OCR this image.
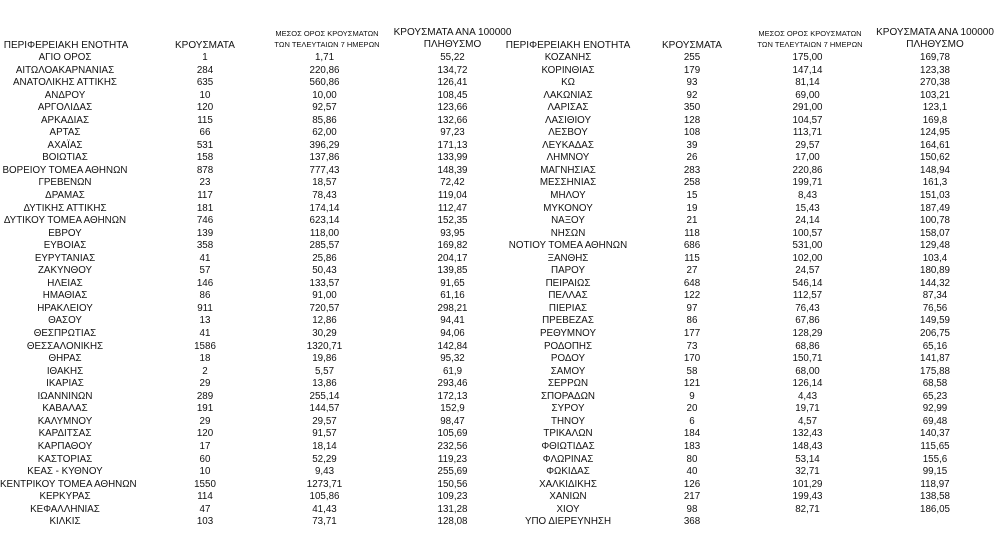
ΠΕΡΙΦΕΡΕΙΑΚΗ ΕΝΟΤΗΤΑ	ΚΡΟΥΣΜΑΤΑ
ΜΕΣΟΣ ΟΡΟΣ ΚΡΟΥΣΜΑΤΩΝ
ΤΩΝ ΤΕΛΕΥΤΑΙΩΝ 7 ΗΜΕΡΩΝ
ΚΡΟΥΣΜΑΤΑ ΑΝΑ 100000
ΠΛΗΘΥΣΜΟ
ΑΓΙΟ ΟΡΟΣ	1	1,71	55,22
ΑΙΤΩΛΟΑΚΑΡΝΑΝΙΑΣ	284	220,86	134,72
ΑΝΑΤΟΛΙΚΗΣ ΑΤΤΙΚΗΣ	635	560,86	126,41
ΑΝΔΡΟΥ	10	10,00	108,45
ΑΡΓΟΛΙΔΑΣ	120	92,57	123,66
ΑΡΚΑΔΙΑΣ	115	85,86	132,66
ΑΡΤΑΣ	66	62,00	97,23
ΑΧΑΪΑΣ	531	396,29	171,13
ΒΟΙΩΤΙΑΣ	158	137,86	133,99
ΒΟΡΕΙΟΥ ΤΟΜΕΑ ΑΘΗΝΩΝ	878	777,43	148,39
ΓΡΕΒΕΝΩΝ	23	18,57	72,42
ΔΡΑΜΑΣ	117	78,43	119,04
ΔΥΤΙΚΗΣ ΑΤΤΙΚΗΣ	181	174,14	112,47
ΔΥΤΙΚΟΥ ΤΟΜΕΑ ΑΘΗΝΩΝ	746	623,14	152,35
ΕΒΡΟΥ	139	118,00	93,95
ΕΥΒΟΙΑΣ	358	285,57	169,82
ΕΥΡΥΤΑΝΙΑΣ	41	25,86	204,17
ΖΑΚΥΝΘΟΥ	57	50,43	139,85
ΗΛΕΙΑΣ	146	133,57	91,65
ΗΜΑΘΙΑΣ	86	91,00	61,16
ΗΡΑΚΛΕΙΟΥ	911	720,57	298,21
ΘΑΣΟΥ	13	12,86	94,41
ΘΕΣΠΡΩΤΙΑΣ	41	30,29	94,06
ΘΕΣΣΑΛΟΝΙΚΗΣ	1586	1320,71	142,84
ΘΗΡΑΣ	18	19,86	95,32
ΙΘΑΚΗΣ	2	5,57	61,9
ΙΚΑΡΙΑΣ	29	13,86	293,46
ΙΩΑΝΝΙΝΩΝ	289	255,14	172,13
ΚΑΒΑΛΑΣ	191	144,57	152,9
ΚΑΛΥΜΝΟΥ	29	29,57	98,47
ΚΑΡΔΙΤΣΑΣ	120	91,57	105,69
ΚΑΡΠΑΘΟΥ	17	18,14	232,56
ΚΑΣΤΟΡΙΑΣ	60	52,29	119,23
ΚΕΑΣ - ΚΥΘΝΟΥ	10	9,43	255,69
ΚΕΝΤΡΙΚΟΥ ΤΟΜΕΑ ΑΘΗΝΩΝ	1550	1273,71	150,56
ΚΕΡΚΥΡΑΣ	114	105,86	109,23
ΚΕΦΑΛΛΗΝΙΑΣ	47	41,43	131,28
ΚΙΛΚΙΣ	103	73,71	128,08
ΠΕΡΙΦΕΡΕΙΑΚΗ ΕΝΟΤΗΤΑ	ΚΡΟΥΣΜΑΤΑ
ΜΕΣΟΣ ΟΡΟΣ ΚΡΟΥΣΜΑΤΩΝ
ΤΩΝ ΤΕΛΕΥΤΑΙΩΝ 7 ΗΜΕΡΩΝ
ΚΡΟΥΣΜΑΤΑ ΑΝΑ 100000
ΠΛΗΘΥΣΜΟ
ΚΟΖΑΝΗΣ	255	175,00	169,78
ΚΟΡΙΝΘΙΑΣ	179	147,14	123,38
ΚΩ	93	81,14	270,38
ΛΑΚΩΝΙΑΣ	92	69,00	103,21
ΛΑΡΙΣΑΣ	350	291,00	123,1
ΛΑΣΙΘΙΟΥ	128	104,57	169,8
ΛΕΣΒΟΥ	108	113,71	124,95
ΛΕΥΚΑΔΑΣ	39	29,57	164,61
ΛΗΜΝΟΥ	26	17,00	150,62
ΜΑΓΝΗΣΙΑΣ	283	220,86	148,94
ΜΕΣΣΗΝΙΑΣ	258	199,71	161,3
ΜΗΛΟΥ	15	8,43	151,03
ΜΥΚΟΝΟΥ	19	15,43	187,49
ΝΑΞΟΥ	21	24,14	100,78
ΝΗΣΩΝ	118	100,57	158,07
ΝΟΤΙΟΥ ΤΟΜΕΑ ΑΘΗΝΩΝ	686	531,00	129,48
ΞΑΝΘΗΣ	115	102,00	103,4
ΠΑΡΟΥ	27	24,57	180,89
ΠΕΙΡΑΙΩΣ	648	546,14	144,32
ΠΕΛΛΑΣ	122	112,57	87,34
ΠΙΕΡΙΑΣ	97	76,43	76,56
ΠΡΕΒΕΖΑΣ	86	67,86	149,59
ΡΕΘΥΜΝΟΥ	177	128,29	206,75
ΡΟΔΟΠΗΣ	73	68,86	65,16
ΡΟΔΟΥ	170	150,71	141,87
ΣΑΜΟΥ	58	68,00	175,88
ΣΕΡΡΩΝ	121	126,14	68,58
ΣΠΟΡΑΔΩΝ	9	4,43	65,23
ΣΥΡΟΥ	20	19,71	92,99
ΤΗΝΟΥ	6	4,57	69,48
ΤΡΙΚΑΛΩΝ	184	132,43	140,37
ΦΘΙΩΤΙΔΑΣ	183	148,43	115,65
ΦΛΩΡΙΝΑΣ	80	53,14	155,6
ΦΩΚΙΔΑΣ	40	32,71	99,15
ΧΑΛΚΙΔΙΚΗΣ	126	101,29	118,97
ΧΑΝΙΩΝ	217	199,43	138,58
ΧΙΟΥ	98	82,71	186,05
ΥΠΟ ΔΙΕΡΕΥΝΗΣΗ	368
